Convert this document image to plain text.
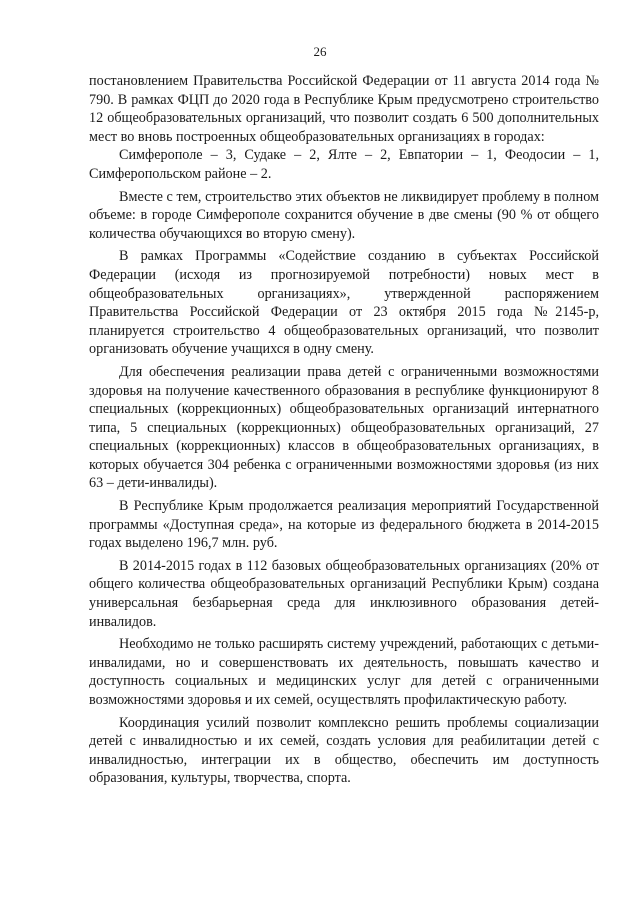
26

постановлением Правительства Российской Федерации от 11 августа 2014 года № 790. В рамках ФЦП до 2020 года в Республике Крым предусмотрено строительство 12 общеобразовательных организаций, что позволит создать 6 500 дополнительных мест во вновь построенных общеобразовательных организациях в городах:

Симферополе – 3, Судаке – 2, Ялте – 2, Евпатории – 1, Феодосии – 1, Симферопольском районе – 2.

Вместе с тем, строительство этих объектов не ликвидирует проблему в полном объеме: в городе Симферополе сохранится обучение в две смены (90 % от общего количества обучающихся во вторую смену).

В рамках Программы «Содействие созданию в субъектах Российской Федерации (исходя из прогнозируемой потребности) новых мест в общеобразовательных организациях», утвержденной распоряжением Правительства Российской Федерации от 23 октября 2015 года №2145-р, планируется строительство 4 общеобразовательных организаций, что позволит организовать обучение учащихся в одну смену.

Для обеспечения реализации права детей с ограниченными возможностями здоровья на получение качественного образования в республике функционируют 8 специальных (коррекционных) общеобразовательных организаций интернатного типа, 5 специальных (коррекционных) общеобразовательных организаций, 27 специальных (коррекционных) классов в общеобразовательных организациях, в которых обучается 304 ребенка с ограниченными возможностями здоровья (из них 63 – дети-инвалиды).

В Республике Крым продолжается реализация мероприятий Государственной программы «Доступная среда», на которые из федерального бюджета в 2014-2015 годах выделено 196,7 млн. руб.

В 2014-2015 годах в 112 базовых общеобразовательных организациях (20% от общего количества общеобразовательных организаций Республики Крым) создана универсальная безбарьерная среда для инклюзивного образования детей-инвалидов.

Необходимо не только расширять систему учреждений, работающих с детьми-инвалидами, но и совершенствовать их деятельность, повышать качество и доступность социальных и медицинских услуг для детей с ограниченными возможностями здоровья и их семей, осуществлять профилактическую работу.

Координация усилий позволит комплексно решить проблемы социализации детей с инвалидностью и их семей, создать условия для реабилитации детей с инвалидностью, интеграции их в общество, обеспечить им доступность образования, культуры, творчества, спорта.
